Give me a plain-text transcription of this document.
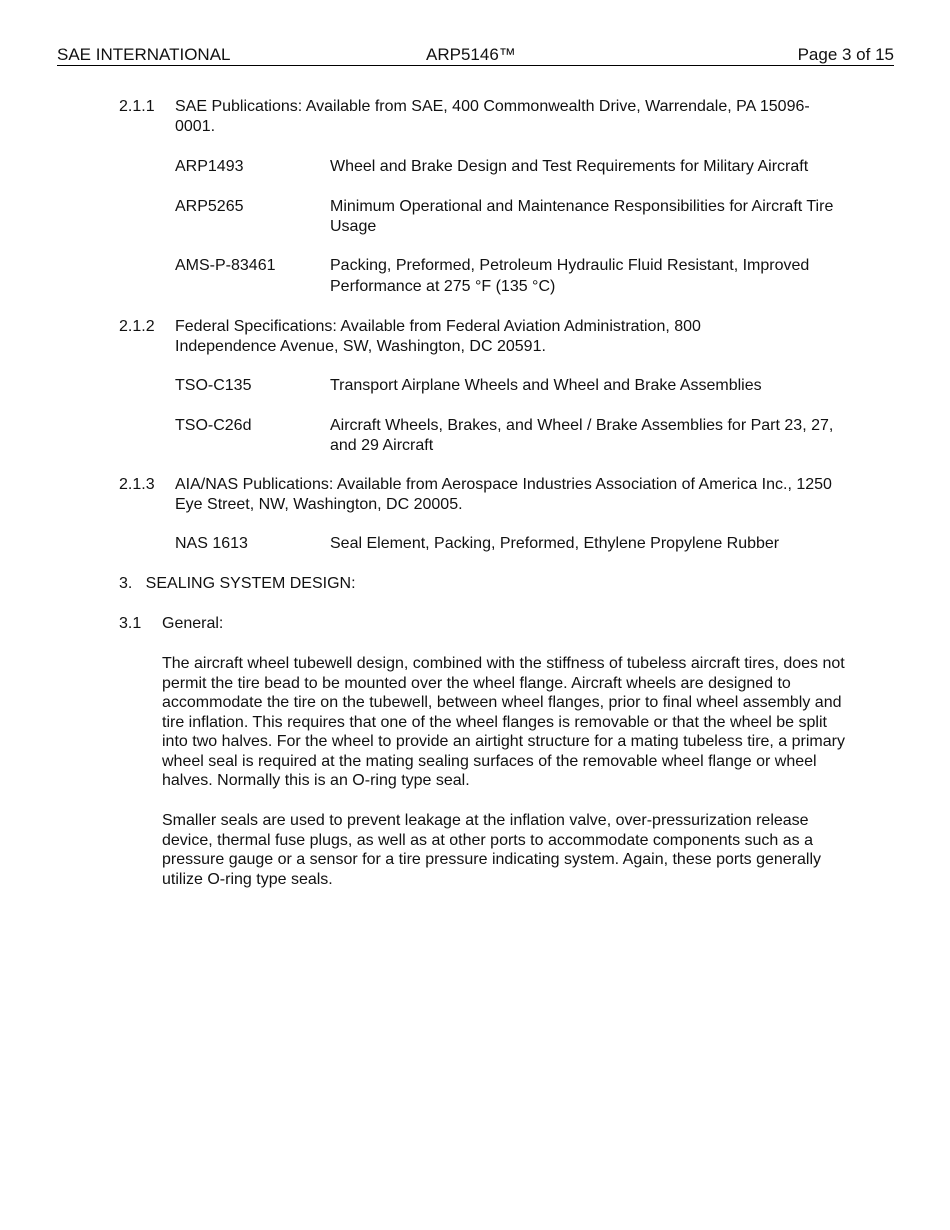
SAE INTERNATIONAL	ARP5146™	Page 3 of 15
2.1.1 SAE Publications: Available from SAE, 400 Commonwealth Drive, Warrendale, PA 15096-0001.
ARP1493	Wheel and Brake Design and Test Requirements for Military Aircraft
ARP5265	Minimum Operational and Maintenance Responsibilities for Aircraft Tire Usage
AMS-P-83461	Packing, Preformed, Petroleum Hydraulic Fluid Resistant, Improved Performance at 275 °F (135 °C)
2.1.2 Federal Specifications: Available from Federal Aviation Administration, 800 Independence Avenue, SW, Washington, DC 20591.
TSO-C135	Transport Airplane Wheels and Wheel and Brake Assemblies
TSO-C26d	Aircraft Wheels, Brakes, and Wheel / Brake Assemblies for Part 23, 27, and 29 Aircraft
2.1.3 AIA/NAS Publications: Available from Aerospace Industries Association of America Inc., 1250 Eye Street, NW, Washington, DC 20005.
NAS 1613	Seal Element, Packing, Preformed, Ethylene Propylene Rubber
3.   SEALING SYSTEM DESIGN:
3.1 General:
The aircraft wheel tubewell design, combined with the stiffness of tubeless aircraft tires, does not permit the tire bead to be mounted over the wheel flange. Aircraft wheels are designed to accommodate the tire on the tubewell, between wheel flanges, prior to final wheel assembly and tire inflation. This requires that one of the wheel flanges is removable or that the wheel be split into two halves. For the wheel to provide an airtight structure for a mating tubeless tire, a primary wheel seal is required at the mating sealing surfaces of the removable wheel flange or wheel halves. Normally this is an O-ring type seal.
Smaller seals are used to prevent leakage at the inflation valve, over-pressurization release device, thermal fuse plugs, as well as at other ports to accommodate components such as a pressure gauge or a sensor for a tire pressure indicating system. Again, these ports generally utilize O-ring type seals.
